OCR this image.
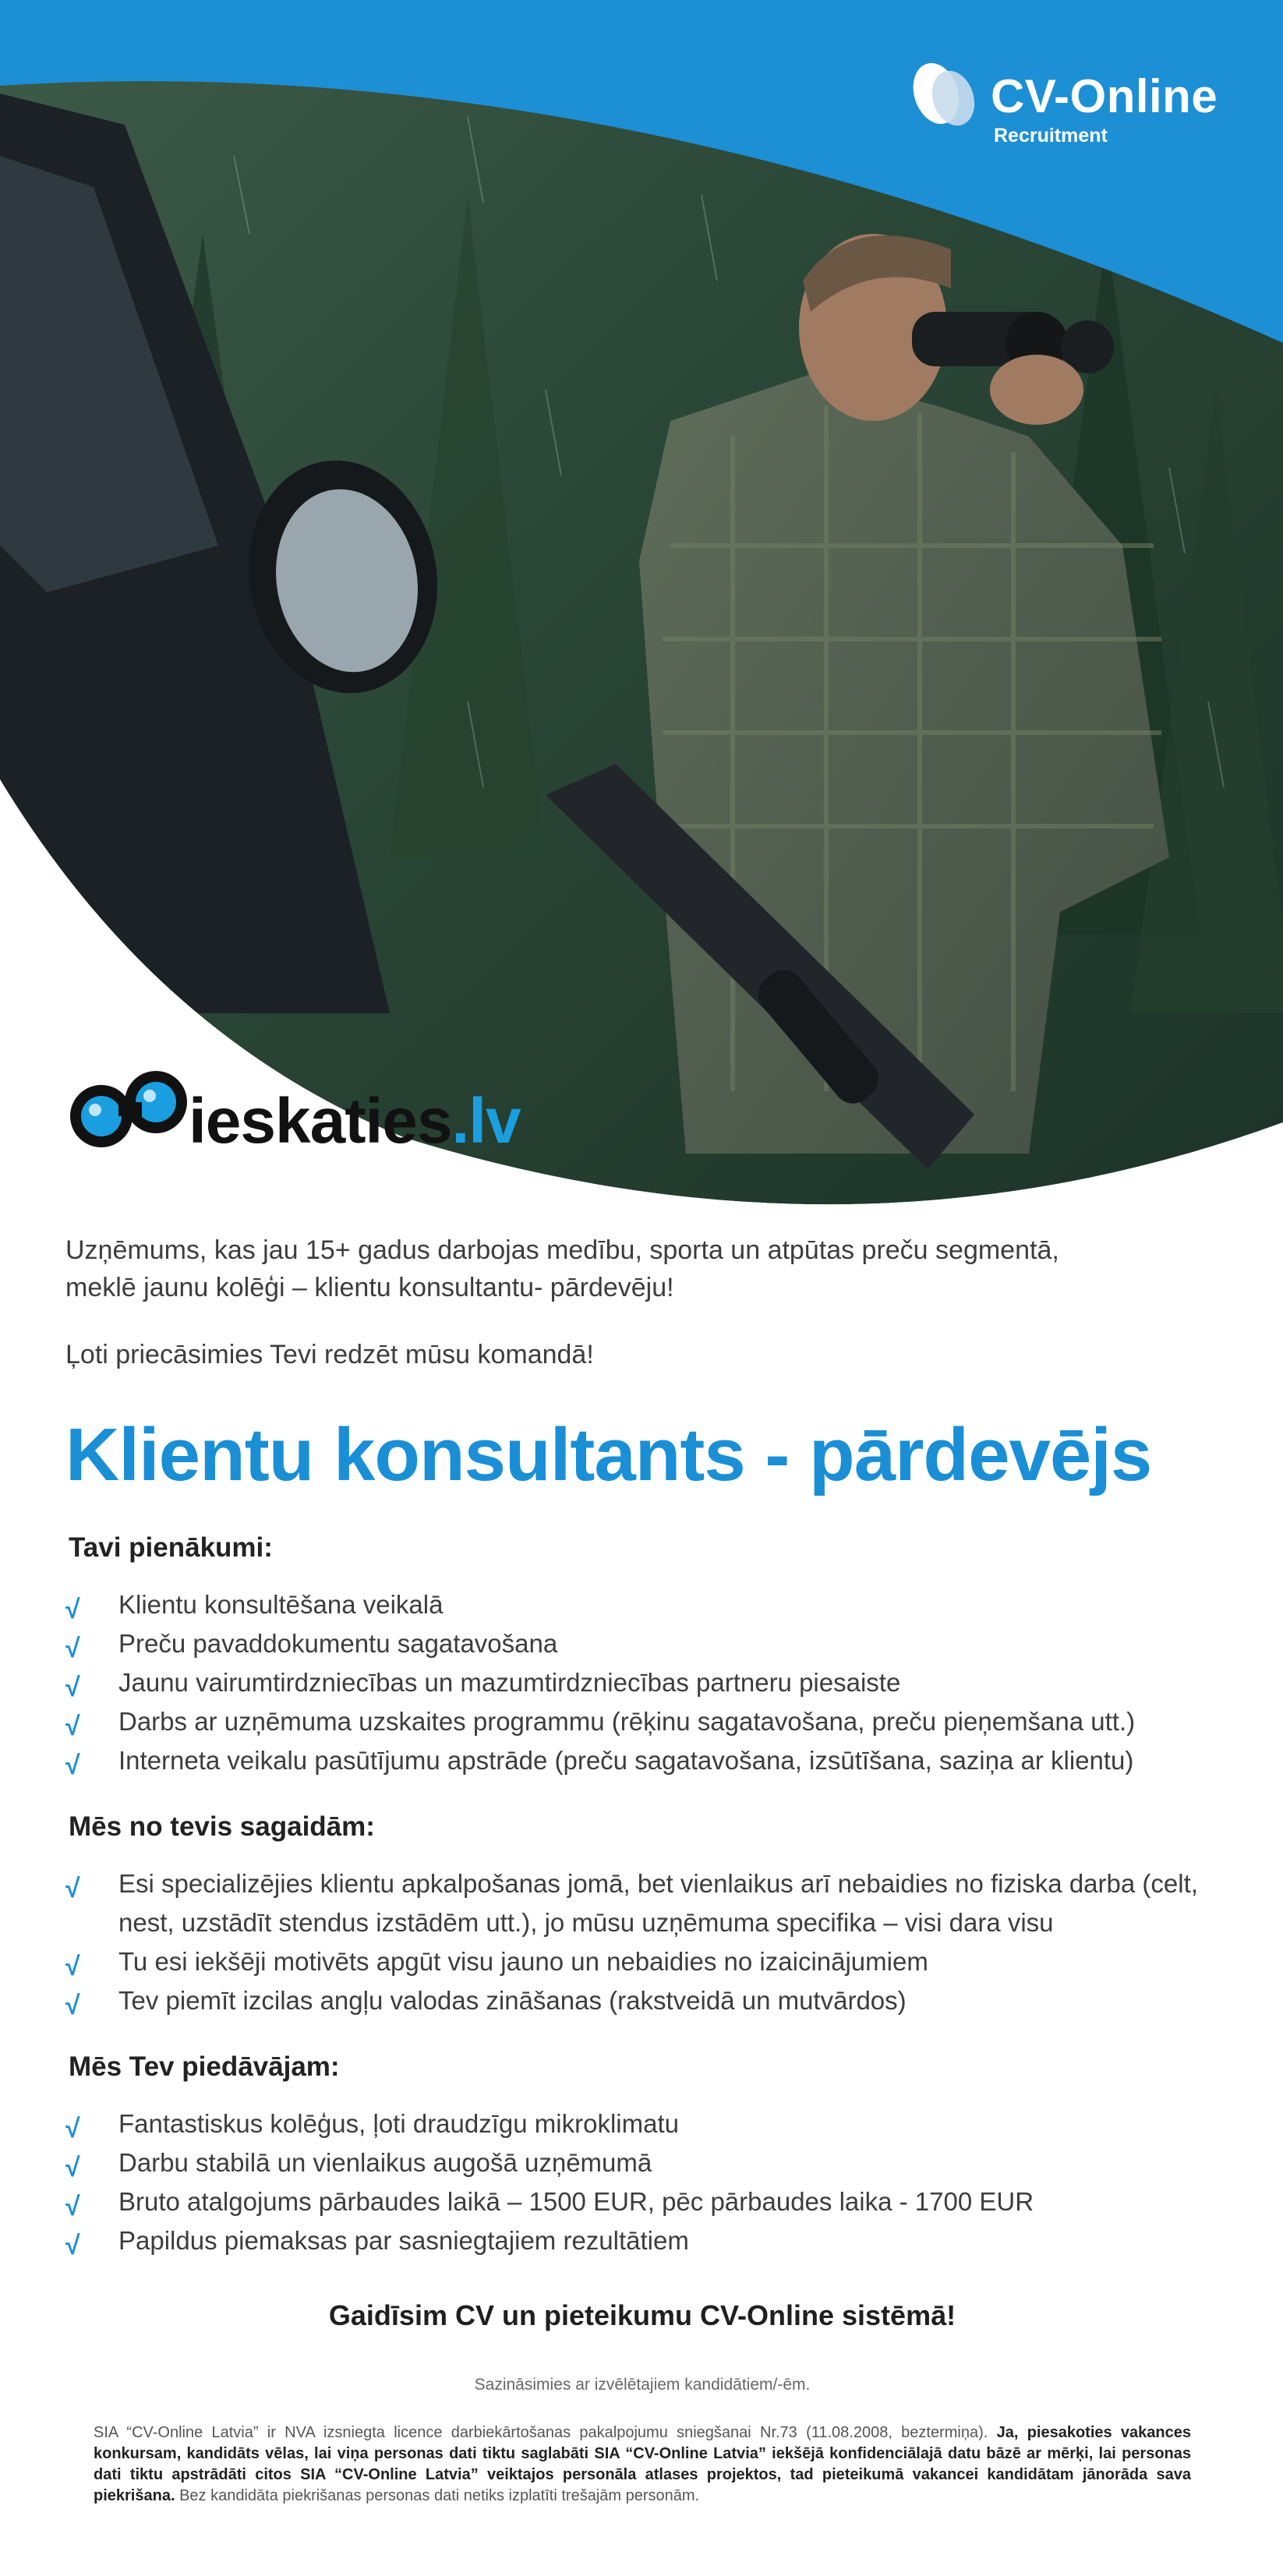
CV-Online
Recruitment
ieskaties.lv

Uzņēmums, kas jau 15+ gadus darbojas medību, sporta un atpūtas preču segmentā,
meklē jaunu kolēģi – klientu konsultantu- pārdevēju!

Ļoti priecāsimies Tevi redzēt mūsu komandā!

Klientu konsultants - pārdevējs
Tavi pienākumi:
√ Klientu konsultēšana veikalā
√ Preču pavaddokumentu sagatavošana
√ Jaunu vairumtirdzniecības un mazumtirdzniecības partneru piesaiste
√ Darbs ar uzņēmuma uzskaites programmu (rēķinu sagatavošana, preču pieņemšana utt.)
√ Interneta veikalu pasūtījumu apstrāde (preču sagatavošana, izsūtīšana, saziņa ar klientu)
Mēs no tevis sagaidām:
√ Esi specializējies klientu apkalpošanas jomā, bet vienlaikus arī nebaidies no fiziska darba (celt, nest, uzstādīt stendus izstādēm utt.), jo mūsu uzņēmuma specifika – visi dara visu
√ Tu esi iekšēji motivēts apgūt visu jauno un nebaidies no izaicinājumiem
√ Tev piemīt izcilas angļu valodas zināšanas (rakstveidā un mutvārdos)
Mēs Tev piedāvājam:
√ Fantastiskus kolēģus, ļoti draudzīgu mikroklimatu
√ Darbu stabilā un vienlaikus augošā uzņēmumā
√ Bruto atalgojums pārbaudes laikā – 1500 EUR, pēc pārbaudes laika - 1700 EUR
√ Papildus piemaksas par sasniegtajiem rezultātiem
Gaidīsim CV un pieteikumu CV-Online sistēmā!
Sazināsimies ar izvēlētajiem kandidātiem/-ēm.
SIA “CV-Online Latvia” ir NVA izsniegta licence darbiekārtošanas pakalpojumu sniegšanai Nr.73 (11.08.2008, beztermiņa). Ja, piesakoties vakances konkursam, kandidāts vēlas, lai viņa personas dati tiktu saglabāti SIA “CV-Online Latvia” iekšējā konfidenciālajā datu bāzē ar mērķi, lai personas dati tiktu apstrādāti citos SIA “CV-Online Latvia” veiktajos personāla atlases projektos, tad pieteikumā vakancei kandidātam jānorāda sava piekrišana. Bez kandidāta piekrišanas personas dati netiks izplatīti trešajām personām.
